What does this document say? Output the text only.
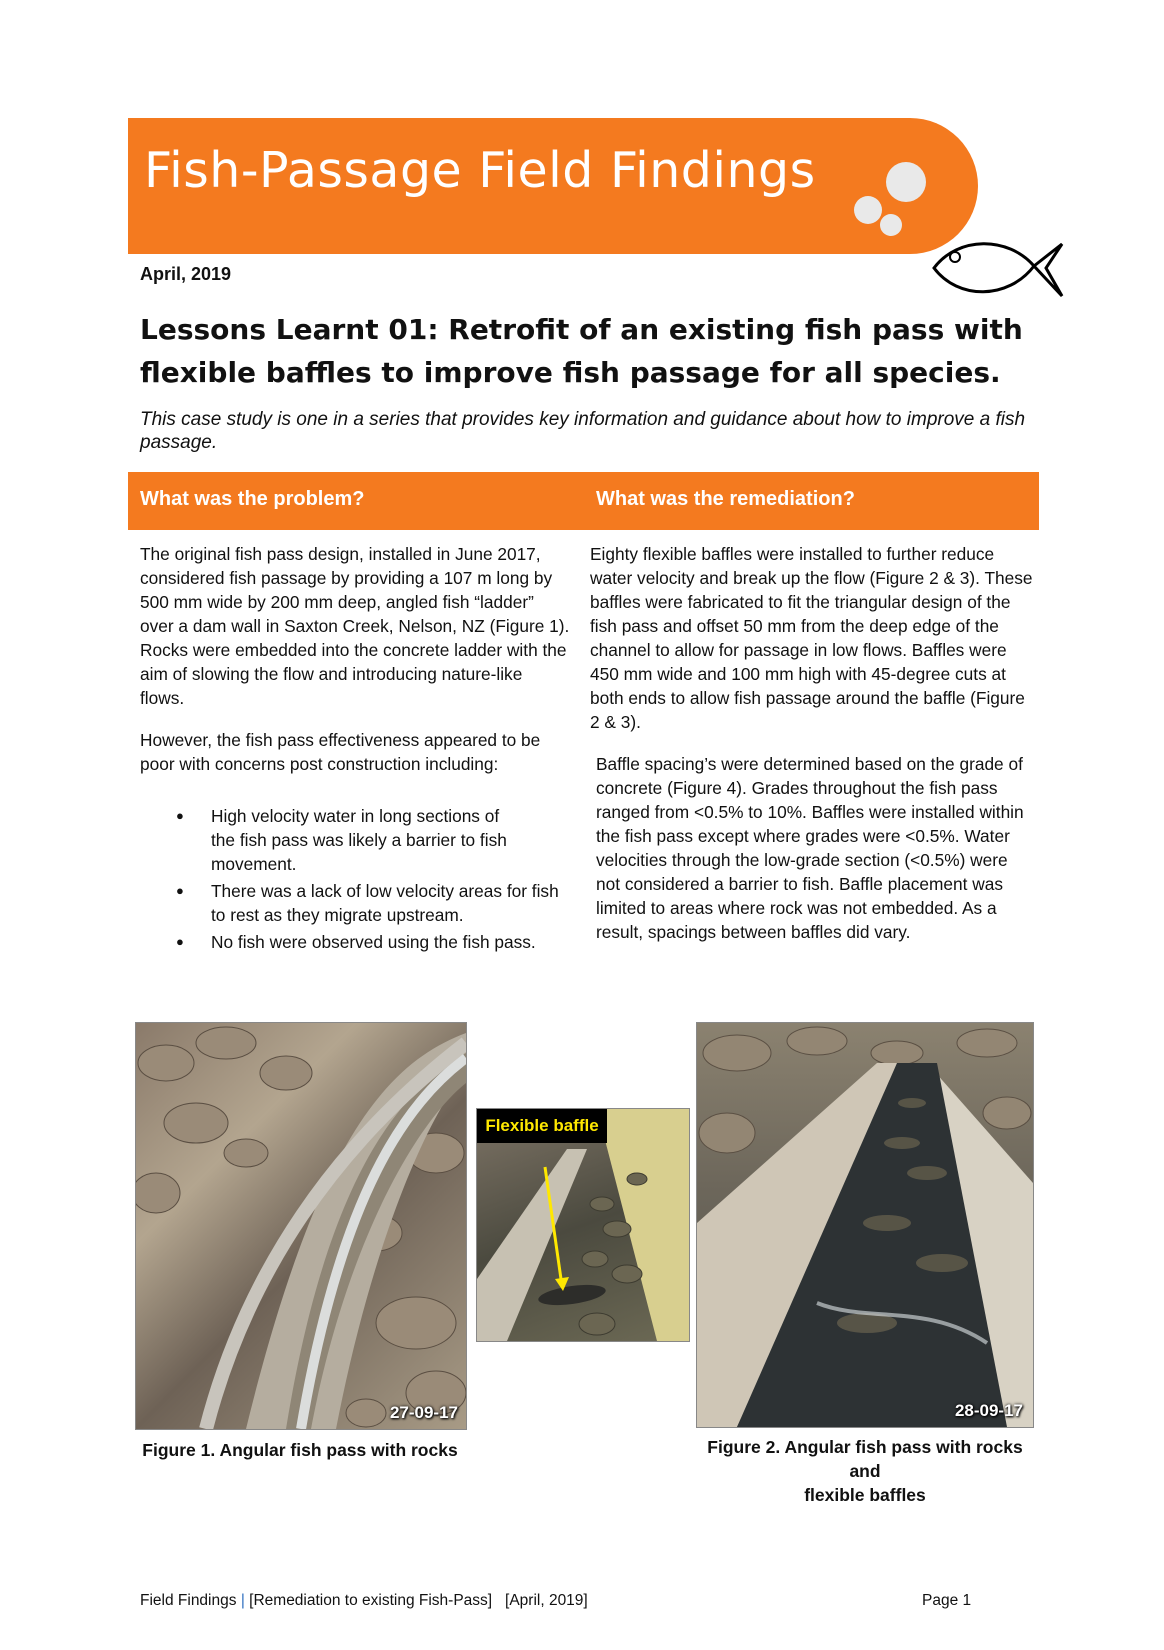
Fish-Passage Field Findings
April, 2019
Lessons Learnt 01: Retrofit of an existing fish pass with
flexible baffles to improve fish passage for all species.
This case study is one in a series that provides key information and guidance about how to improve a fish passage.
What was the problem?	What was the remediation?

The original fish pass design, installed in June 2017, considered fish passage by providing a 107 m long by 500 mm wide by 200 mm deep, angled fish “ladder” over a dam wall in Saxton Creek, Nelson, NZ (Figure 1). Rocks were embedded into the concrete ladder with the aim of slowing the flow and introducing nature-like flows.

However, the fish pass effectiveness appeared to be poor with concerns post construction including:

● High velocity water in long sections of the fish pass was likely a barrier to fish movement.
● There was a lack of low velocity areas for fish to rest as they migrate upstream.
● No fish were observed using the fish pass.

Eighty flexible baffles were installed to further reduce water velocity and break up the flow (Figure 2 & 3). These baffles were fabricated to fit the triangular design of the fish pass and offset 50 mm from the deep edge of the channel to allow for passage in low flows. Baffles were 450 mm wide and 100 mm high with 45-degree cuts at both ends to allow fish passage around the baffle (Figure 2 & 3).

Baffle spacing’s were determined based on the grade of concrete (Figure 4). Grades throughout the fish pass ranged from <0.5% to 10%. Baffles were installed within the fish pass except where grades were <0.5%. Water velocities through the low-grade section (<0.5%) were not considered a barrier to fish. Baffle placement was limited to areas where rock was not embedded. As a result, spacings between baffles did vary.

27-09-17
Figure 1. Angular fish pass with rocks
Flexible baffle
28-09-17
Figure 2. Angular fish pass with rocks and
flexible baffles
Field Findings | [Remediation to existing Fish-Pass] [April, 2019]	Page 1
